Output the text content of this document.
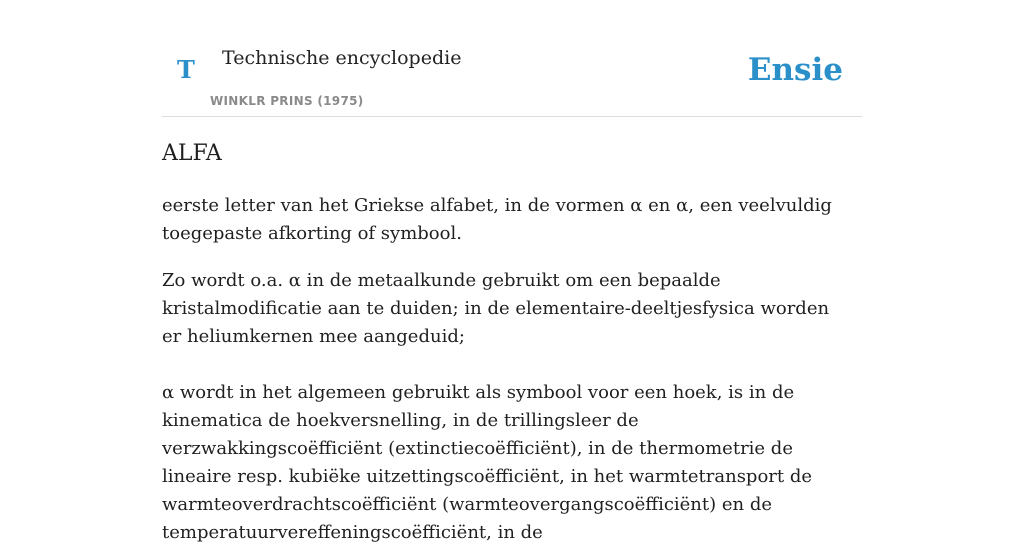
T Technische encyclopedie
WINKLR PRINS (1975)
Ensie
ALFA

eerste letter van het Griekse alfabet, in de vormen α en α, een veelvuldig toegepaste afkorting of symbool.

Zo wordt o.a. α in de metaalkunde gebruikt om een bepaalde kristalmodificatie aan te duiden; in de elementaire-deeltjesfysica worden er heliumkernen mee aangeduid;

α wordt in het algemeen gebruikt als symbool voor een hoek, is in de kinematica de hoekversnelling, in de trillingsleer de verzwakkingscoëfficiënt (extinctiecoëfficiënt), in de thermometrie de lineaire resp. kubiëke uitzettingscoëfficiënt, in het warmtetransport de warmteoverdrachtscoëfficiënt (warmteovergangscoëfficiënt) en de temperatuurvereffeningscoëfficiënt, in de
